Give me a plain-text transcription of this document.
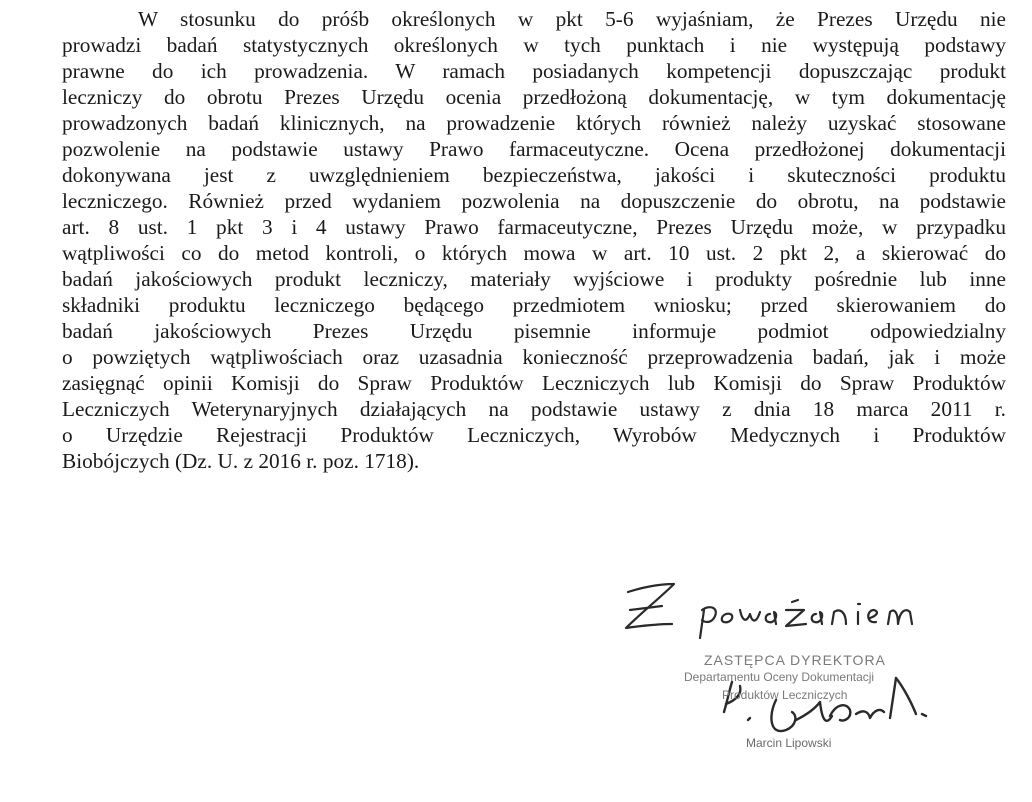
W stosunku do próśb określonych w pkt 5-6 wyjaśniam, że Prezes Urzędu nie
prowadzi badań statystycznych określonych w tych punktach i nie występują podstawy
prawne do ich prowadzenia. W ramach posiadanych kompetencji dopuszczając produkt
leczniczy do obrotu Prezes Urzędu ocenia przedłożoną dokumentację, w tym dokumentację
prowadzonych badań klinicznych, na prowadzenie których również należy uzyskać stosowane
pozwolenie na podstawie ustawy Prawo farmaceutyczne. Ocena przedłożonej dokumentacji
dokonywana jest z uwzględnieniem bezpieczeństwa, jakości i skuteczności produktu
leczniczego. Również przed wydaniem pozwolenia na dopuszczenie do obrotu, na podstawie
art. 8 ust. 1 pkt 3 i 4 ustawy Prawo farmaceutyczne, Prezes Urzędu może, w przypadku
wątpliwości co do metod kontroli, o których mowa w art. 10 ust. 2 pkt 2, a skierować do
badań jakościowych produkt leczniczy, materiały wyjściowe i produkty pośrednie lub inne
składniki produktu leczniczego będącego przedmiotem wniosku; przed skierowaniem do
badań jakościowych Prezes Urzędu pisemnie informuje podmiot odpowiedzialny
o powziętych wątpliwościach oraz uzasadnia konieczność przeprowadzenia badań, jak i może
zasięgnąć opinii Komisji do Spraw Produktów Leczniczych lub Komisji do Spraw Produktów
Leczniczych Weterynaryjnych działających na podstawie ustawy z dnia 18 marca 2011 r.
o Urzędzie Rejestracji Produktów Leczniczych, Wyrobów Medycznych i Produktów
Biobójczych (Dz. U. z 2016 r. poz. 1718).
ZASTĘPCA DYREKTORA
Departamentu Oceny Dokumentacji
Produktów Leczniczych
Marcin Lipowski
